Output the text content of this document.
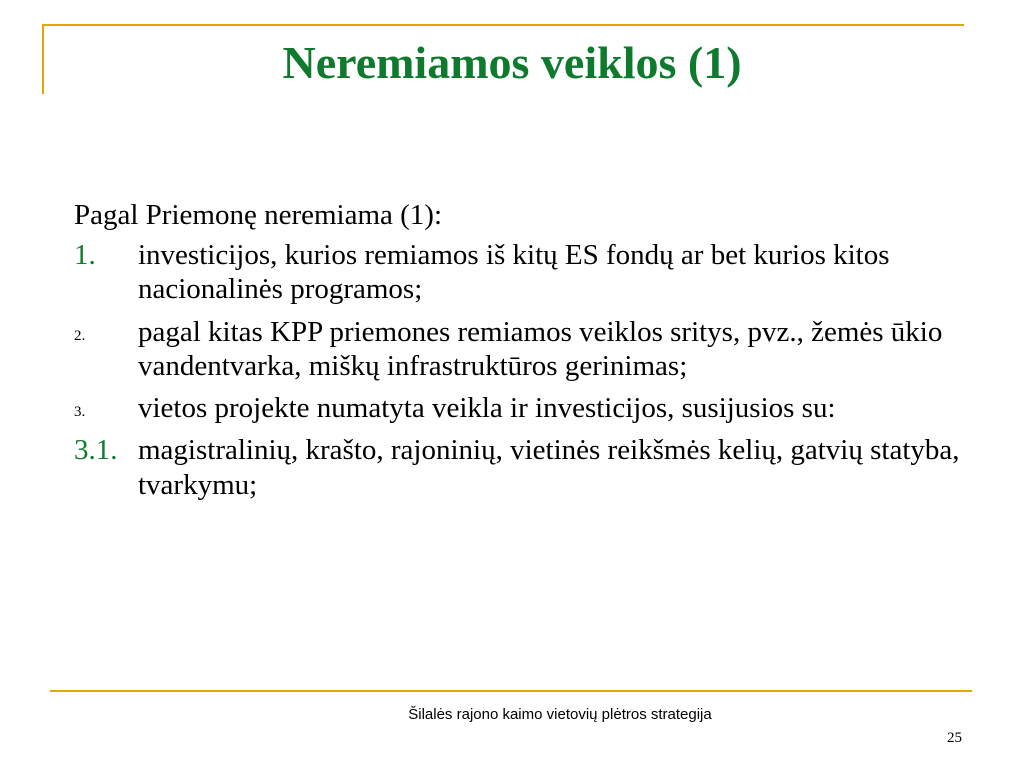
Neremiamos veiklos (1)
Pagal Priemonę neremiama (1):
1. investicijos, kurios remiamos iš kitų ES fondų ar bet kurios kitos nacionalinės programos;
2. pagal kitas KPP priemones remiamos veiklos sritys, pvz., žemės ūkio vandentvarka, miškų infrastruktūros gerinimas;
3. vietos projekte numatyta veikla ir investicijos, susijusios su:
3.1. magistralinių, krašto, rajoninių, vietinės reikšmės kelių, gatvių statyba, tvarkymu;
Šilalės rajono kaimo vietovių plėtros strategija
25
